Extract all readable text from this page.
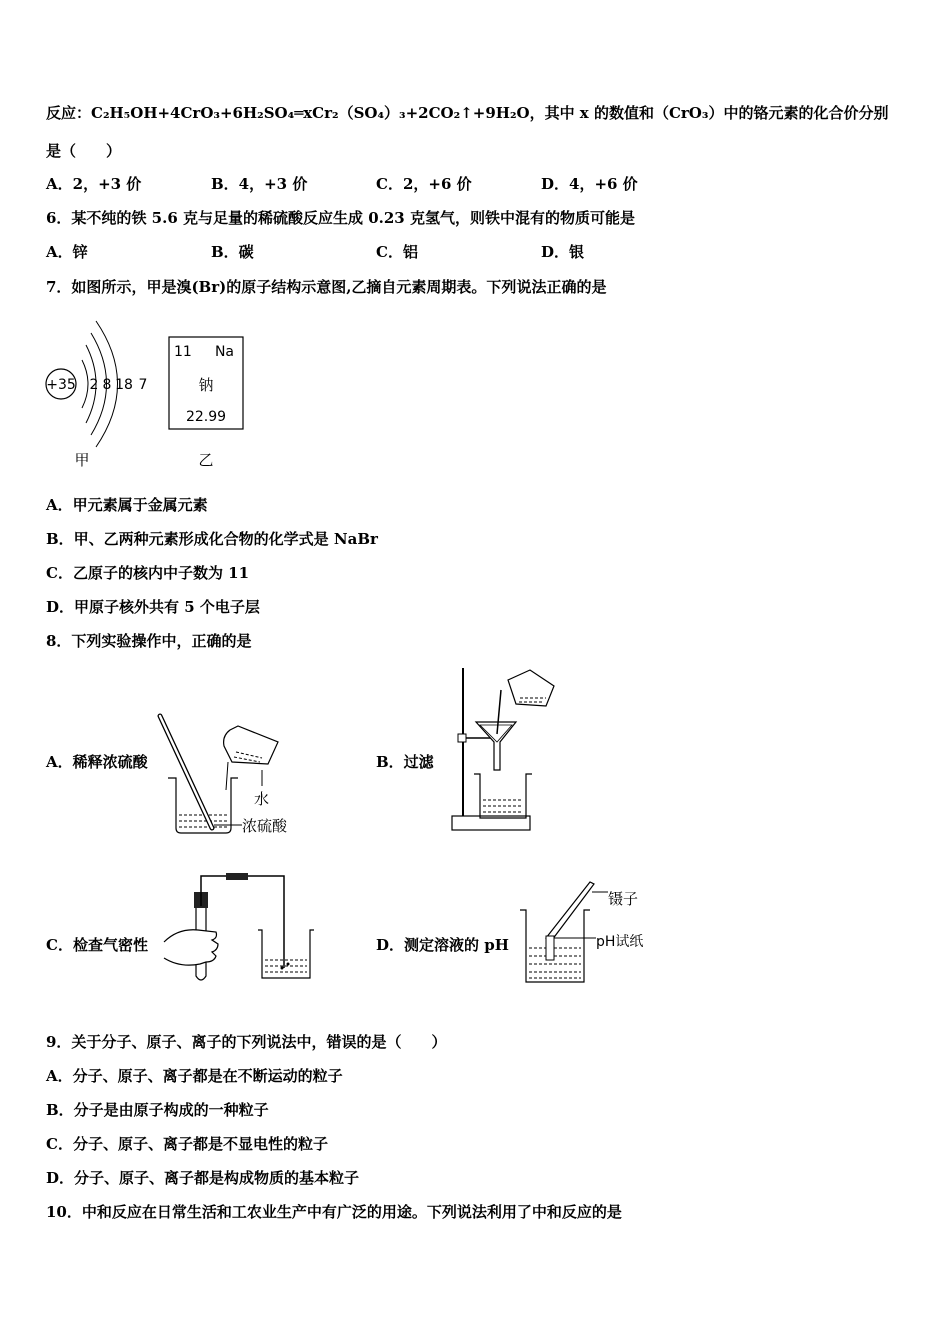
反应：C₂H₅OH+4CrO₃+6H₂SO₄═xCr₂（SO₄）₃+2CO₂↑+9H₂O，其中 x 的数值和（CrO₃）中的铬元素的化合价分别
是（　　）
A．2，+3 价	B．4，+3 价	C．2，+6 价	D．4，+6 价
6．某不纯的铁 5.6 克与足量的稀硫酸反应生成 0.23 克氢气，则铁中混有的物质可能是
A．锌	B．碳	C．铝	D．银
7．如图所示，甲是溴(Br)的原子结构示意图,乙摘自元素周期表。下列说法正确的是
+35 2 8 18 7
甲
11 Na
钠
22.99
乙
A．甲元素属于金属元素
B．甲、乙两种元素形成化合物的化学式是 NaBr
C．乙原子的核内中子数为 11
D．甲原子核外共有 5 个电子层
8．下列实验操作中，正确的是
A．稀释浓硫酸
水
浓硫酸
B．过滤
C．检查气密性	D．测定溶液的 pH
镊子
pH试纸
9．关于分子、原子、离子的下列说法中，错误的是（　　）
A．分子、原子、离子都是在不断运动的粒子
B．分子是由原子构成的一种粒子
C．分子、原子、离子都是不显电性的粒子
D．分子、原子、离子都是构成物质的基本粒子
10．中和反应在日常生活和工农业生产中有广泛的用途。下列说法利用了中和反应的是
